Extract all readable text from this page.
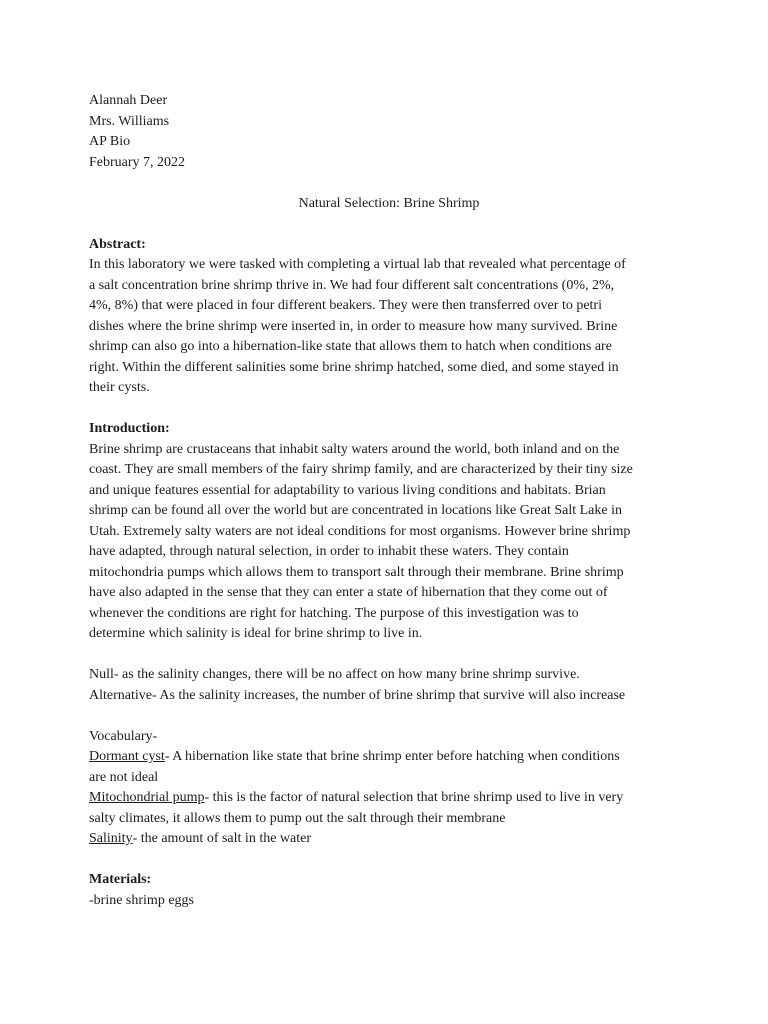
Alannah Deer
Mrs. Williams
AP Bio
February 7, 2022
Natural Selection: Brine Shrimp
Abstract:
In this laboratory we were tasked with completing a virtual lab that revealed what percentage of
a salt concentration brine shrimp thrive in. We had four different salt concentrations (0%, 2%,
4%, 8%) that were placed in four different beakers. They were then transferred over to petri
dishes where the brine shrimp were inserted in, in order to measure how many survived. Brine
shrimp can also go into a hibernation-like state that allows them to hatch when conditions are
right. Within the different salinities some brine shrimp hatched, some died, and some stayed in
their cysts.
Introduction:
Brine shrimp are crustaceans that inhabit salty waters around the world, both inland and on the
coast. They are small members of the fairy shrimp family, and are characterized by their tiny size
and unique features essential for adaptability to various living conditions and habitats. Brian
shrimp can be found all over the world but are concentrated in locations like Great Salt Lake in
Utah. Extremely salty waters are not ideal conditions for most organisms. However brine shrimp
have adapted, through natural selection, in order to inhabit these waters. They contain
mitochondria pumps which allows them to transport salt through their membrane. Brine shrimp
have also adapted in the sense that they can enter a state of hibernation that they come out of
whenever the conditions are right for hatching. The purpose of this investigation was to
determine which salinity is ideal for brine shrimp to live in.
Null- as the salinity changes, there will be no affect on how many brine shrimp survive.
Alternative- As the salinity increases, the number of brine shrimp that survive will also increase
Vocabulary-
Dormant cyst- A hibernation like state that brine shrimp enter before hatching when conditions
are not ideal
Mitochondrial pump- this is the factor of natural selection that brine shrimp used to live in very
salty climates, it allows them to pump out the salt through their membrane
Salinity- the amount of salt in the water
Materials:
-brine shrimp eggs
